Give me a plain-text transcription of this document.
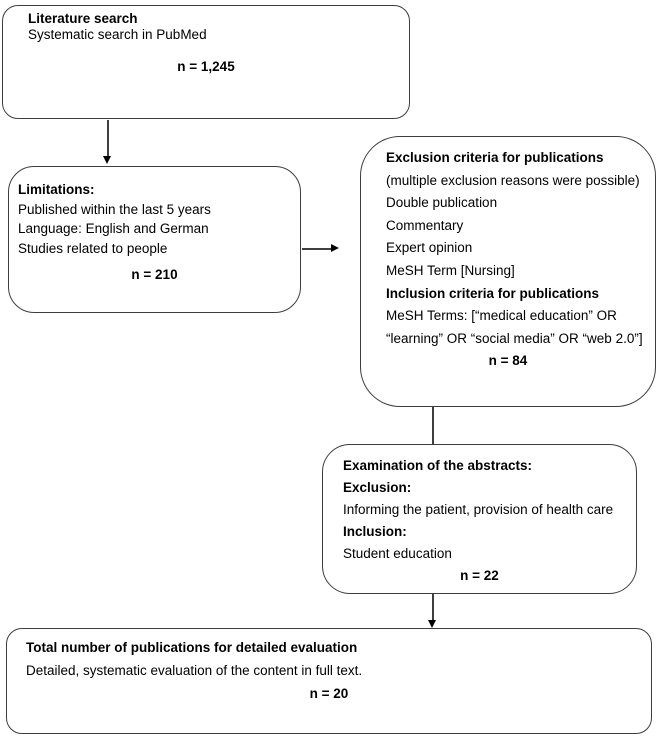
Literature search
Systematic search in PubMed
n = 1,245
Limitations:
Published within the last 5 years
Language: English and German
Studies related to people
n = 210
Exclusion criteria for publications
(multiple exclusion reasons were possible)
Double publication
Commentary
Expert opinion
MeSH Term [Nursing]
Inclusion criteria for publications
MeSH Terms: [“medical education” OR
“learning” OR “social media” OR “web 2.0”]
n = 84
Examination of the abstracts:
Exclusion:
Informing the patient, provision of health care
Inclusion:
Student education
n = 22
Total number of publications for detailed evaluation
Detailed, systematic evaluation of the content in full text.
n = 20
